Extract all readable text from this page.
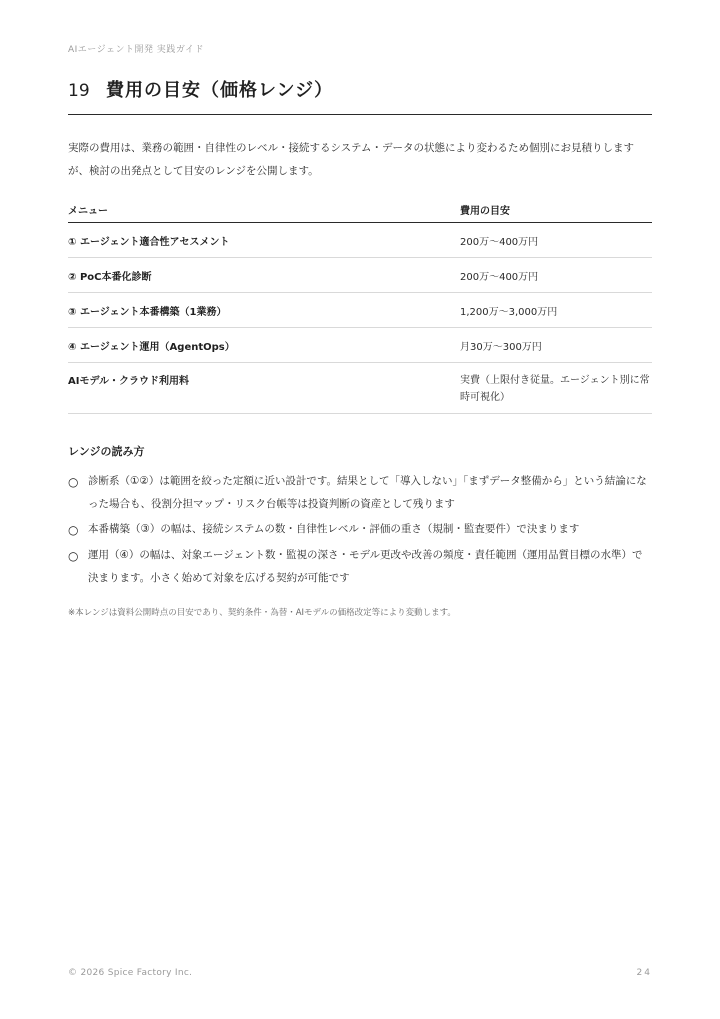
AIエージェント開発 実践ガイド
19 費用の目安（価格レンジ）

実際の費用は、業務の範囲・自律性のレベル・接続するシステム・データの状態により変わるため個別にお見積りしますが、検討の出発点として目安のレンジを公開します。

メニュー	費用の目安
① エージェント適合性アセスメント	200万〜400万円
② PoC本番化診断	200万〜400万円
③ エージェント本番構築（1業務）	1,200万〜3,000万円
④ エージェント運用（AgentOps）	月30万〜300万円
AIモデル・クラウド利用料	実費（上限付き従量。エージェント別に常時可視化）
レンジの読み方
○ 診断系（①②）は範囲を絞った定額に近い設計です。結果として「導入しない」「まずデータ整備から」という結論になった場合も、役割分担マップ・リスク台帳等は投資判断の資産として残ります
○ 本番構築（③）の幅は、接続システムの数・自律性レベル・評価の重さ（規制・監査要件）で決まります
○ 運用（④）の幅は、対象エージェント数・監視の深さ・モデル更改や改善の頻度・責任範囲（運用品質目標の水準）で決まります。小さく始めて対象を広げる契約が可能です

※本レンジは資料公開時点の目安であり、契約条件・為替・AIモデルの価格改定等により変動します。

© 2026 Spice Factory Inc.	24
